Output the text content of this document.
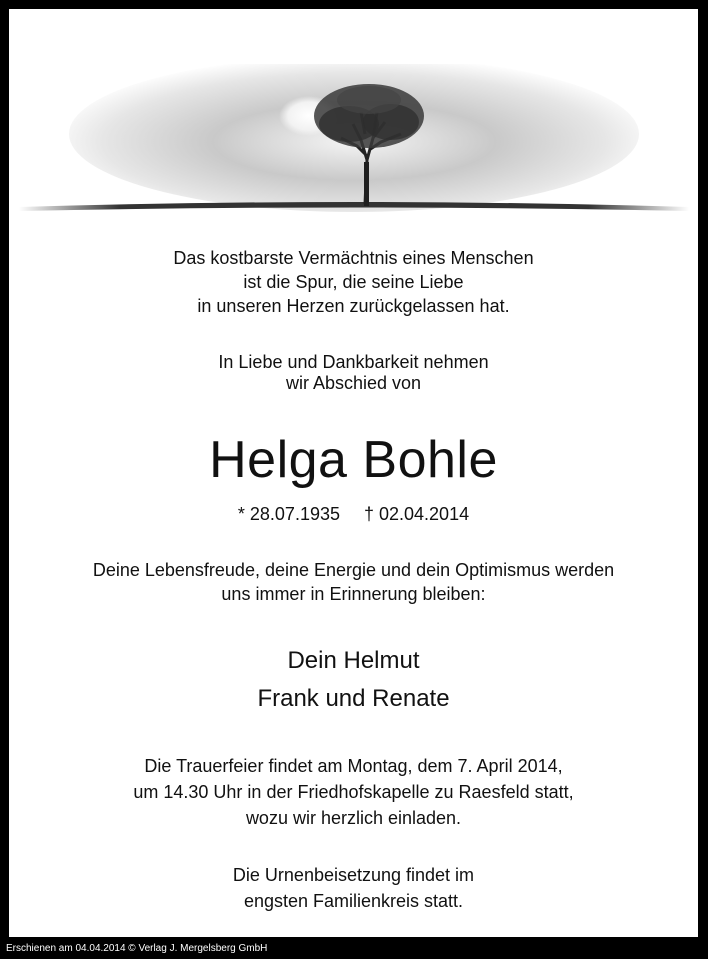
Das kostbarste Vermächtnis eines Menschen
ist die Spur, die seine Liebe
in unseren Herzen zurückgelassen hat.
In Liebe und Dankbarkeit nehmen
wir Abschied von
Helga Bohle
* 28.07.1935 † 02.04.2014
Deine Lebensfreude, deine Energie und dein Optimismus werden
uns immer in Erinnerung bleiben:
Dein Helmut
Frank und Renate
Die Trauerfeier findet am Montag, dem 7. April 2014,
um 14.30 Uhr in der Friedhofskapelle zu Raesfeld statt,
wozu wir herzlich einladen.
Die Urnenbeisetzung findet im
engsten Familienkreis statt.
Erschienen am 04.04.2014 © Verlag J. Mergelsberg GmbH
